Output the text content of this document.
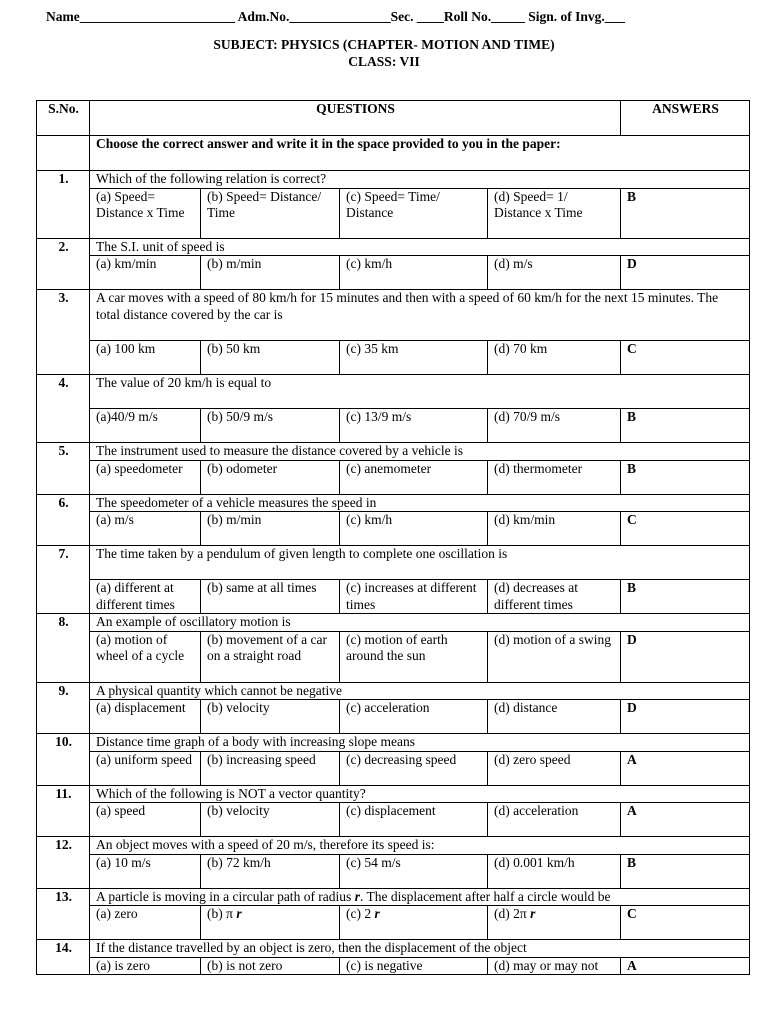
Name_______________________ Adm.No._______________Sec. ____Roll No._____ Sign. of Invg.___
SUBJECT: PHYSICS (CHAPTER- MOTION AND TIME)
CLASS: VII
S.No.	QUESTIONS				ANSWERS
	Choose the correct answer and write it in the space provided to you in the paper:				
1.	Which of the following relation is correct?				
	(a) Speed= Distance x Time	(b) Speed= Distance/ Time	(c) Speed= Time/ Distance	(d) Speed= 1/ Distance x Time	B
2.	The S.I. unit of speed is				
	(a) km/min	(b) m/min	(c) km/h	(d) m/s	D
3.	A car moves with a speed of 80 km/h for 15 minutes and then with a speed of 60 km/h for the next 15 minutes. The total distance covered by the car is				
	(a) 100 km	(b) 50 km	(c) 35 km	(d) 70 km	C
4.	The value of 20 km/h is equal to				
	(a)40/9 m/s	(b) 50/9 m/s	(c) 13/9 m/s	(d) 70/9 m/s	B
5.	The instrument used to measure the distance covered by a vehicle is				
	(a) speedometer	(b) odometer	(c) anemometer	(d) thermometer	B
6.	The speedometer of a vehicle measures the speed in				
	(a) m/s	(b) m/min	(c) km/h	(d) km/min	C
7.	The time taken by a pendulum of given length to complete one oscillation is				
	(a) different at different times	(b) same at all times	(c) increases at different times	(d) decreases at different times	B
8.	An example of oscillatory motion is				
	(a) motion of wheel of a cycle	(b) movement of a car on a straight road	(c) motion of earth around the sun	(d) motion of a swing	D
9.	A physical quantity which cannot be negative				
	(a) displacement	(b) velocity	(c) acceleration	(d) distance	D
10.	Distance time graph of a body with increasing slope means				
	(a) uniform speed	(b) increasing speed	(c) decreasing speed	(d) zero speed	A
11.	Which of the following is NOT a vector quantity?				
	(a) speed	(b) velocity	(c) displacement	(d) acceleration	A
12.	An object moves with a speed of 20 m/s, therefore its speed is:				
	(a) 10 m/s	(b) 72 km/h	(c) 54 m/s	(d) 0.001 km/h	B
13.	A particle is moving in a circular path of radius r. The displacement after half a circle would be				
	(a) zero	(b) π r	(c) 2 r	(d) 2π r	C
14.	If the distance travelled by an object is zero, then the displacement of the object				
	(a) is zero	(b) is not zero	(c) is negative	(d) may or may not	A
